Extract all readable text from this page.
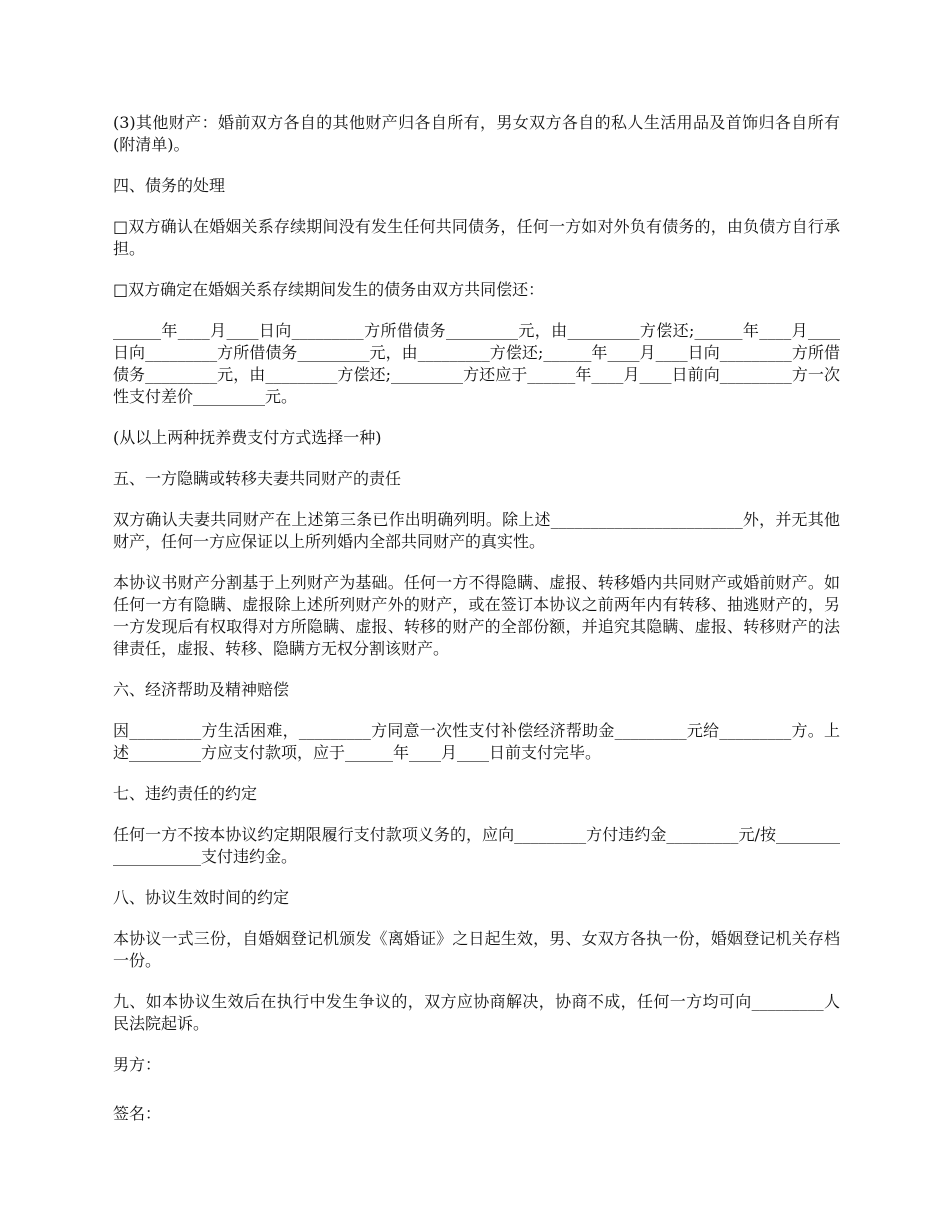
(3)其他财产：婚前双方各自的其他财产归各自所有，男女双方各自的私人生活用品及首饰归各自所有(附清单)。

四、债务的处理

□双方确认在婚姻关系存续期间没有发生任何共同债务，任何一方如对外负有债务的，由负债方自行承担。

□双方确定在婚姻关系存续期间发生的债务由双方共同偿还：

______年____月____日向_________方所借债务_________元，由_________方偿还;______年____月____日向_________方所借债务_________元，由_________方偿还;______年____月____日向_________方所借债务_________元，由_________方偿还;_________方还应于______年____月____日前向_________方一次性支付差价_________元。

(从以上两种抚养费支付方式选择一种)

五、一方隐瞒或转移夫妻共同财产的责任

双方确认夫妻共同财产在上述第三条已作出明确列明。除上述________________________外，并无其他财产，任何一方应保证以上所列婚内全部共同财产的真实性。

本协议书财产分割基于上列财产为基础。任何一方不得隐瞒、虚报、转移婚内共同财产或婚前财产。如任何一方有隐瞒、虚报除上述所列财产外的财产，或在签订本协议之前两年内有转移、抽逃财产的，另一方发现后有权取得对方所隐瞒、虚报、转移的财产的全部份额，并追究其隐瞒、虚报、转移财产的法律责任，虚报、转移、隐瞒方无权分割该财产。

六、经济帮助及精神赔偿

因_________方生活困难，_________方同意一次性支付补偿经济帮助金_________元给_________方。上述_________方应支付款项，应于______年____月____日前支付完毕。

七、违约责任的约定

任何一方不按本协议约定期限履行支付款项义务的，应向_________方付违约金_________元/按___________________支付违约金。

八、协议生效时间的约定

本协议一式三份，自婚姻登记机颁发《离婚证》之日起生效，男、女双方各执一份，婚姻登记机关存档一份。

九、如本协议生效后在执行中发生争议的，双方应协商解决，协商不成，任何一方均可向_________人民法院起诉。

男方：

签名：
